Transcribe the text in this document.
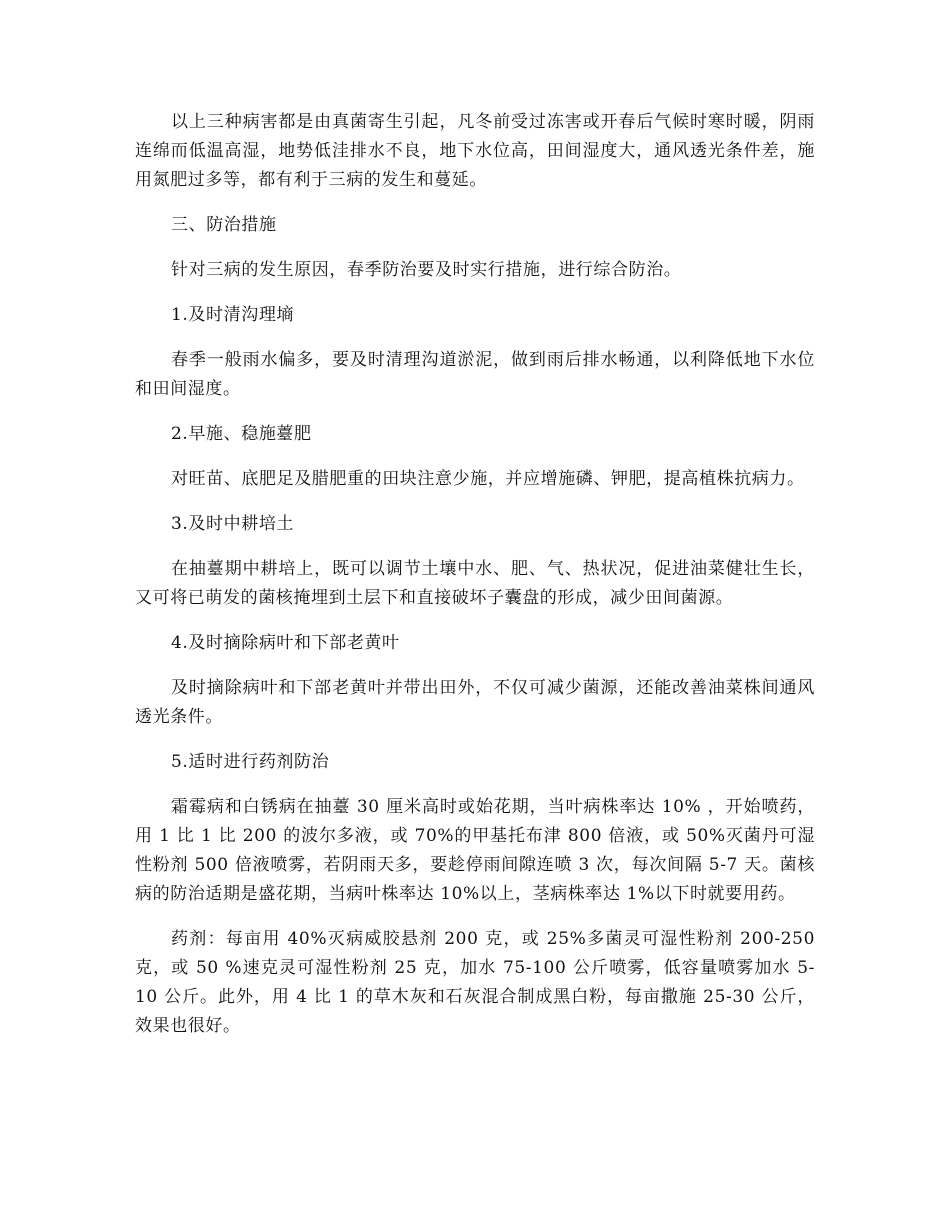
以上三种病害都是由真菌寄生引起，凡冬前受过冻害或开春后气候时寒时暖，阴雨连绵而低温高湿，地势低洼排水不良，地下水位高，田间湿度大，通风透光条件差，施用氮肥过多等，都有利于三病的发生和蔓延。

三、防治措施

针对三病的发生原因，春季防治要及时实行措施，进行综合防治。

1.及时清沟理墒

春季一般雨水偏多，要及时清理沟道淤泥，做到雨后排水畅通，以利降低地下水位和田间湿度。

2.早施、稳施薹肥

对旺苗、底肥足及腊肥重的田块注意少施，并应增施磷、钾肥，提高植株抗病力。

3.及时中耕培土

在抽薹期中耕培上，既可以调节土壤中水、肥、气、热状况，促进油菜健壮生长，又可将已萌发的菌核掩埋到土层下和直接破坏子囊盘的形成，减少田间菌源。

4.及时摘除病叶和下部老黄叶

及时摘除病叶和下部老黄叶并带出田外，不仅可减少菌源，还能改善油菜株间通风透光条件。

5.适时进行药剂防治

霜霉病和白锈病在抽薹 30 厘米高时或始花期，当叶病株率达 10% ，开始喷药，用 1 比 1 比 200 的波尔多液，或 70%的甲基托布津 800 倍液，或 50%灭菌丹可湿性粉剂 500 倍液喷雾，若阴雨天多，要趁停雨间隙连喷 3 次，每次间隔 5-7 天。菌核病的防治适期是盛花期，当病叶株率达 10%以上，茎病株率达 1%以下时就要用药。

药剂：每亩用 40%灭病威胶悬剂 200 克，或 25%多菌灵可湿性粉剂 200-250 克，或 50 %速克灵可湿性粉剂 25 克，加水 75-100 公斤喷雾，低容量喷雾加水 5-10 公斤。此外，用 4 比 1 的草木灰和石灰混合制成黑白粉，每亩撒施 25-30 公斤，效果也很好。
